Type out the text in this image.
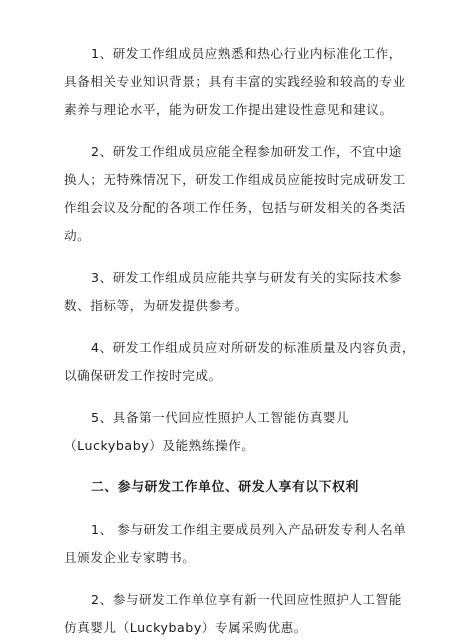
1、研发工作组成员应熟悉和热心行业内标准化工作，
具备相关专业知识背景；具有丰富的实践经验和较高的专业
素养与理论水平，能为研发工作提出建设性意见和建议。
2、研发工作组成员应能全程参加研发工作，不宜中途
换人；无特殊情况下，研发工作组成员应能按时完成研发工
作组会议及分配的各项工作任务，包括与研发相关的各类活
动。
3、研发工作组成员应能共享与研发有关的实际技术参
数、指标等，为研发提供参考。
4、研发工作组成员应对所研发的标准质量及内容负责，
以确保研发工作按时完成。
5、具备第一代回应性照护人工智能仿真婴儿
（Luckybaby）及能熟练操作。
二、参与研发工作单位、研发人享有以下权利
1、 参与研发工作组主要成员列入产品研发专利人名单
且颁发企业专家聘书。
2、参与研发工作单位享有新一代回应性照护人工智能
仿真婴儿（Luckybaby）专属采购优惠。
